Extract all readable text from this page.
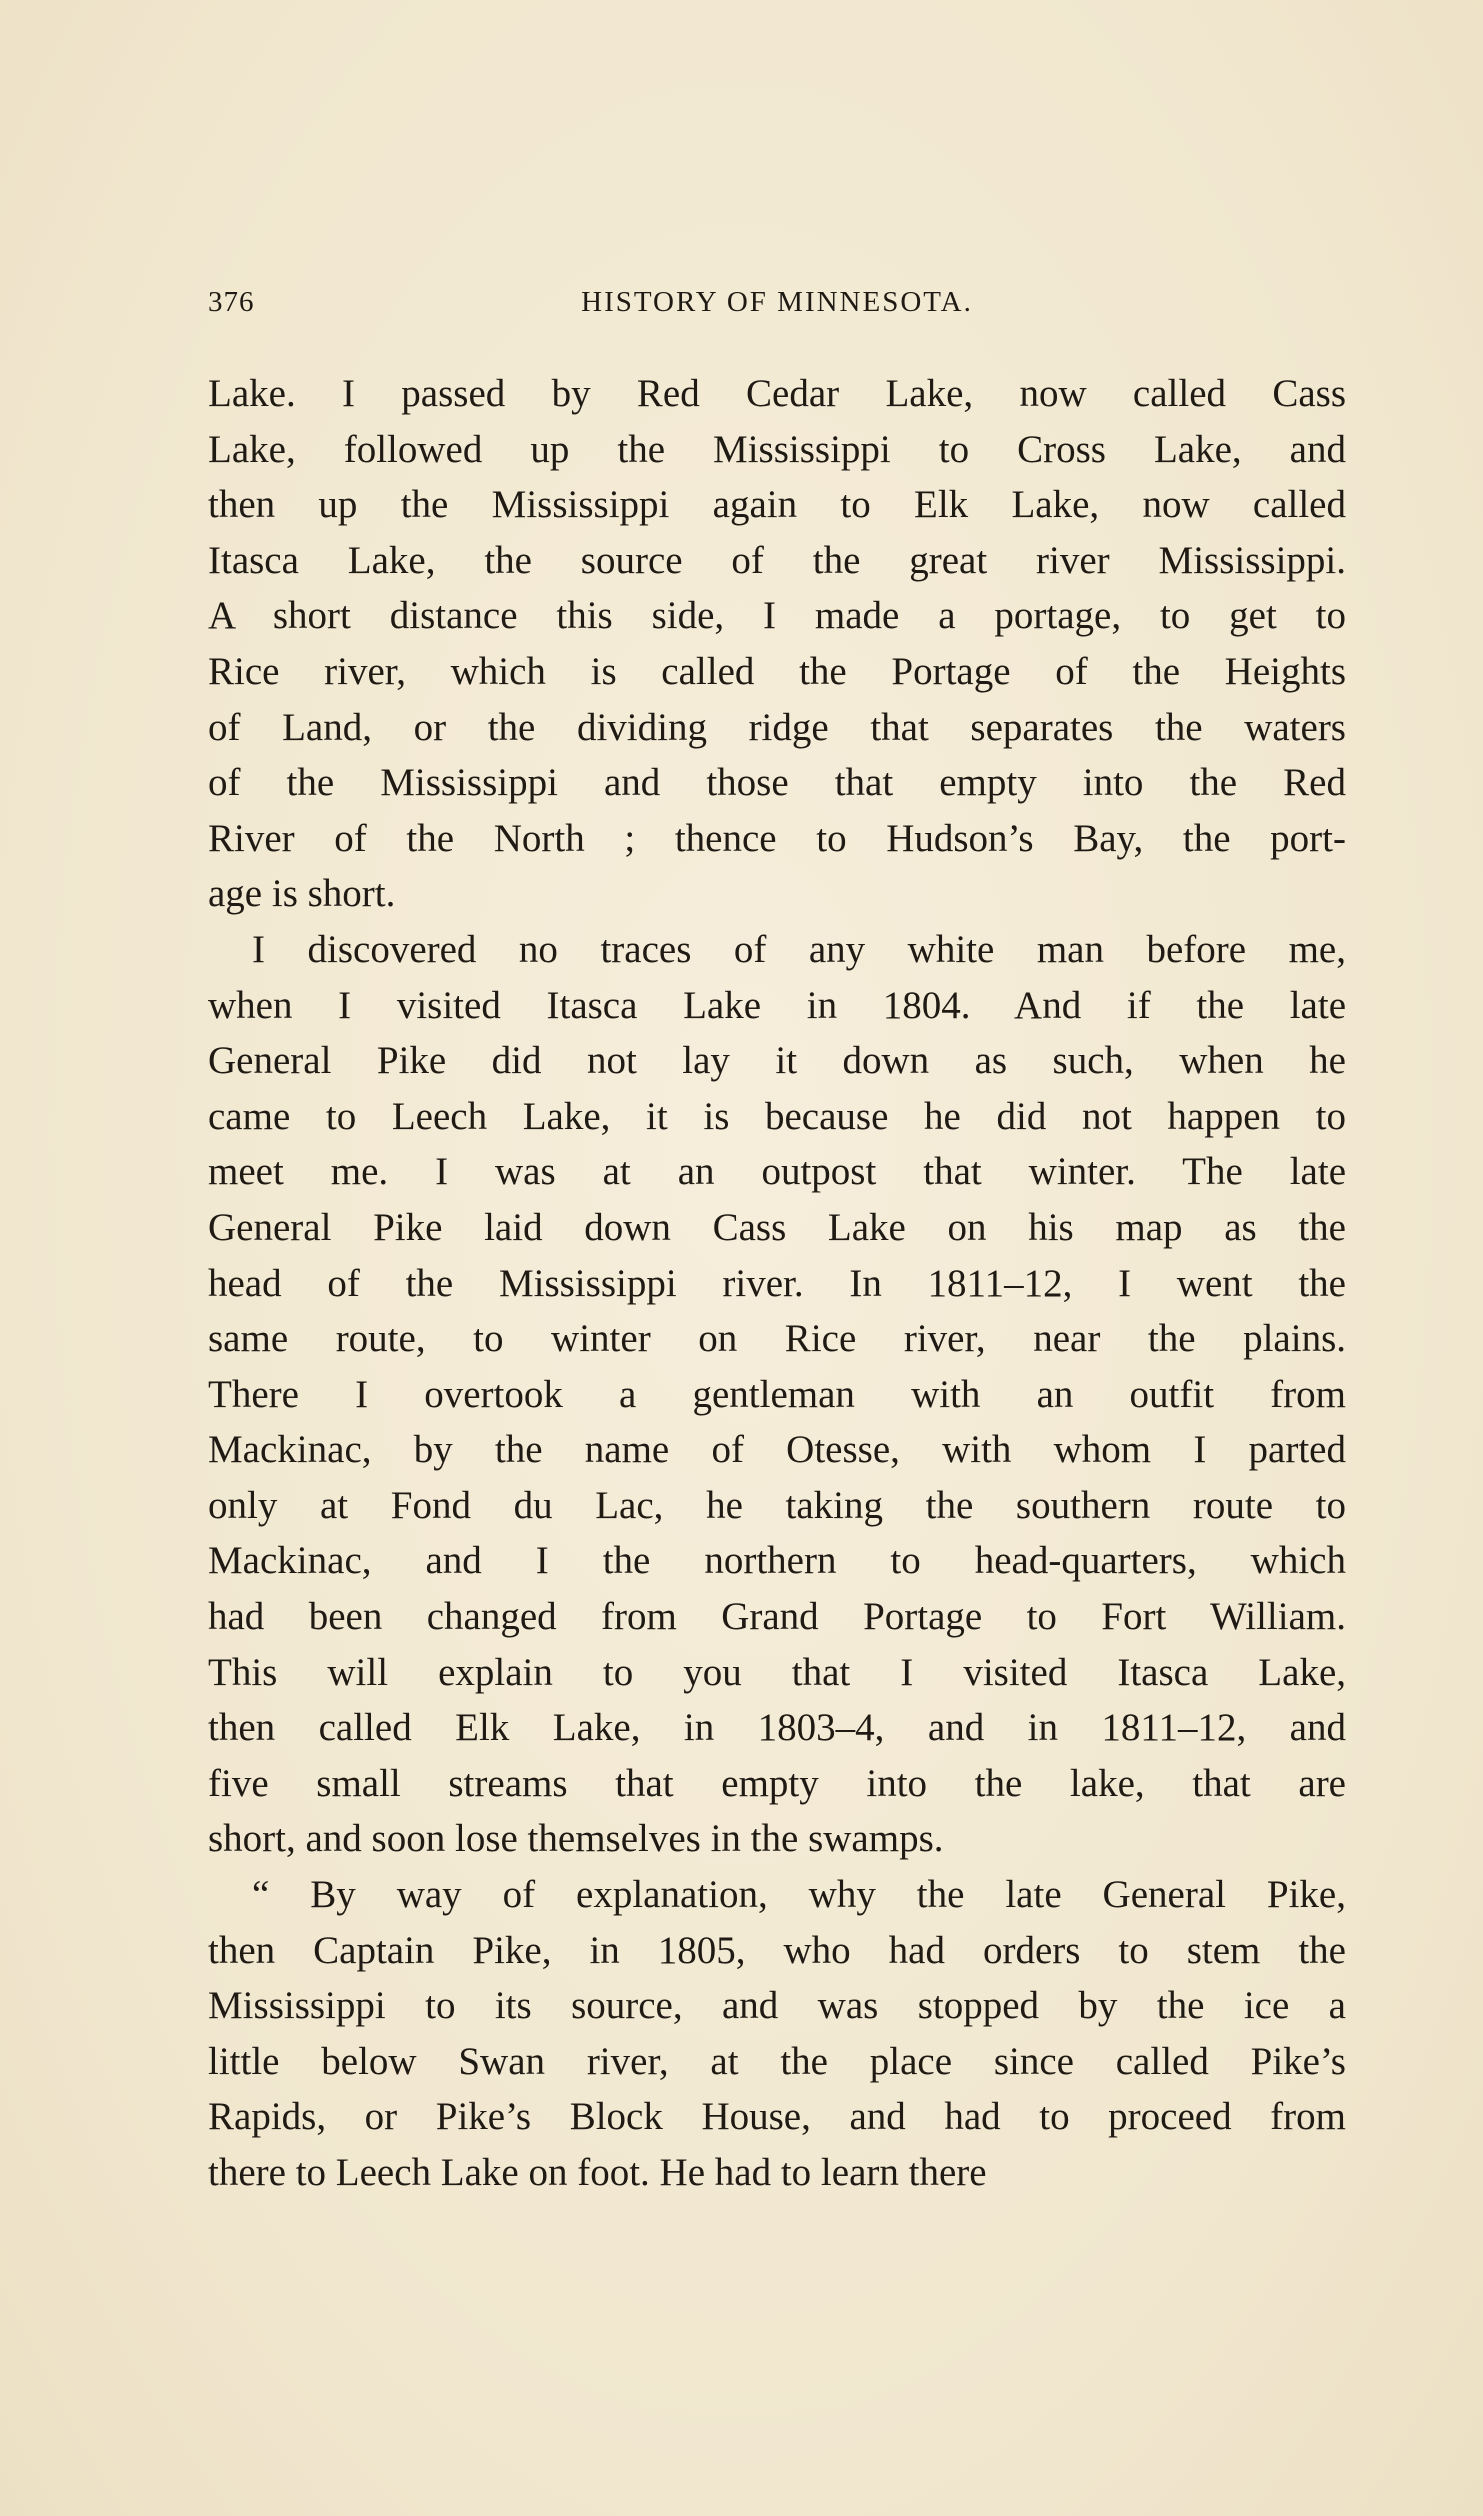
376	HISTORY OF MINNESOTA.
Lake. I passed by Red Cedar Lake, now called Cass
Lake, followed up the Mississippi to Cross Lake, and
then up the Mississippi again to Elk Lake, now called
Itasca Lake, the source of the great river Mississippi.
A short distance this side, I made a portage, to get to
Rice river, which is called the Portage of the Heights
of Land, or the dividing ridge that separates the waters
of the Mississippi and those that empty into the Red
River of the North ; thence to Hudson’s Bay, the port-
age is short.
I discovered no traces of any white man before me,
when I visited Itasca Lake in 1804. And if the late
General Pike did not lay it down as such, when he
came to Leech Lake, it is because he did not happen to
meet me. I was at an outpost that winter. The late
General Pike laid down Cass Lake on his map as the
head of the Mississippi river. In 1811–12, I went the
same route, to winter on Rice river, near the plains.
There I overtook a gentleman with an outfit from
Mackinac, by the name of Otesse, with whom I parted
only at Fond du Lac, he taking the southern route to
Mackinac, and I the northern to head-quarters, which
had been changed from Grand Portage to Fort William.
This will explain to you that I visited Itasca Lake,
then called Elk Lake, in 1803–4, and in 1811–12, and
five small streams that empty into the lake, that are
short, and soon lose themselves in the swamps.
“ By way of explanation, why the late General Pike,
then Captain Pike, in 1805, who had orders to stem the
Mississippi to its source, and was stopped by the ice a
little below Swan river, at the place since called Pike’s
Rapids, or Pike’s Block House, and had to proceed from
there to Leech Lake on foot. He had to learn there
